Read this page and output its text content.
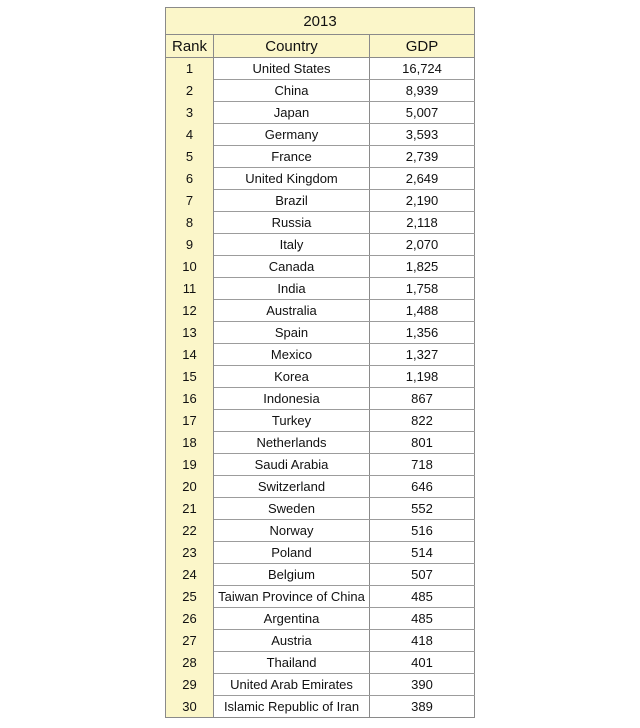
2013		
Rank	Country	GDP
1	United States	16,724
2	China	8,939
3	Japan	5,007
4	Germany	3,593
5	France	2,739
6	United Kingdom	2,649
7	Brazil	2,190
8	Russia	2,118
9	Italy	2,070
10	Canada	1,825
11	India	1,758
12	Australia	1,488
13	Spain	1,356
14	Mexico	1,327
15	Korea	1,198
16	Indonesia	867
17	Turkey	822
18	Netherlands	801
19	Saudi Arabia	718
20	Switzerland	646
21	Sweden	552
22	Norway	516
23	Poland	514
24	Belgium	507
25	Taiwan Province of China	485
26	Argentina	485
27	Austria	418
28	Thailand	401
29	United Arab Emirates	390
30	Islamic Republic of Iran	389
